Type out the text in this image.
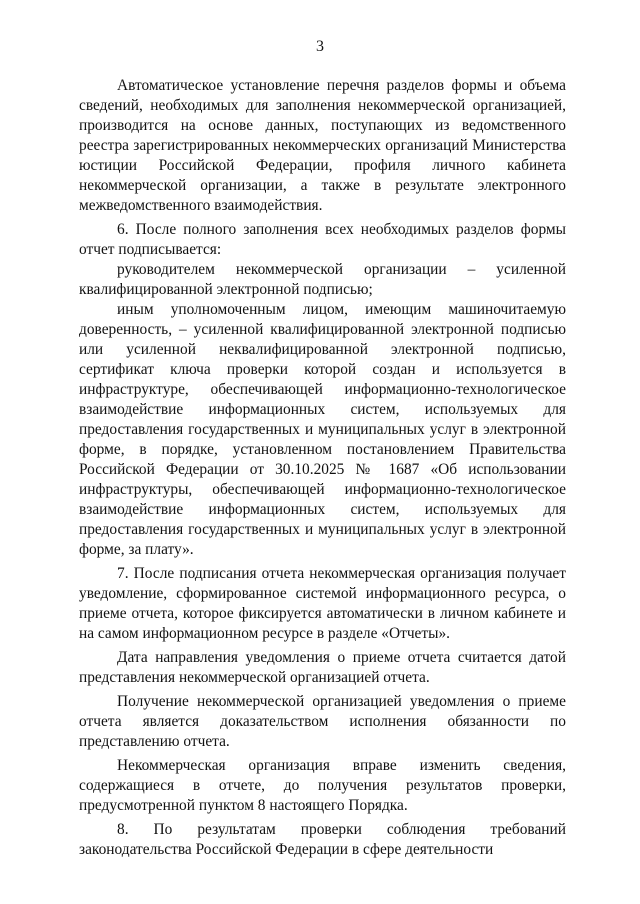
3

Автоматическое установление перечня разделов формы и объема сведений, необходимых для заполнения некоммерческой организацией, производится на основе данных, поступающих из ведомственного реестра зарегистрированных некоммерческих организаций Министерства юстиции Российской Федерации, профиля личного кабинета некоммерческой организации, а также в результате электронного межведомственного взаимодействия.

6. После полного заполнения всех необходимых разделов формы отчет подписывается:

руководителем некоммерческой организации – усиленной квалифицированной электронной подписью;

иным уполномоченным лицом, имеющим машиночитаемую доверенность, – усиленной квалифицированной электронной подписью или усиленной неквалифицированной электронной подписью, сертификат ключа проверки которой создан и используется в инфраструктуре, обеспечивающей информационно-технологическое взаимодействие информационных систем, используемых для предоставления государственных и муниципальных услуг в электронной форме, в порядке, установленном постановлением Правительства Российской Федерации от 30.10.2025 № 1687 «Об использовании инфраструктуры, обеспечивающей информационно-технологическое взаимодействие информационных систем, используемых для предоставления государственных и муниципальных услуг в электронной форме, за плату».

7. После подписания отчета некоммерческая организация получает уведомление, сформированное системой информационного ресурса, о приеме отчета, которое фиксируется автоматически в личном кабинете и на самом информационном ресурсе в разделе «Отчеты».

Дата направления уведомления о приеме отчета считается датой представления некоммерческой организацией отчета.

Получение некоммерческой организацией уведомления о приеме отчета является доказательством исполнения обязанности по представлению отчета.

Некоммерческая организация вправе изменить сведения, содержащиеся в отчете, до получения результатов проверки, предусмотренной пунктом 8 настоящего Порядка.

8. По результатам проверки соблюдения требований законодательства Российской Федерации в сфере деятельности
